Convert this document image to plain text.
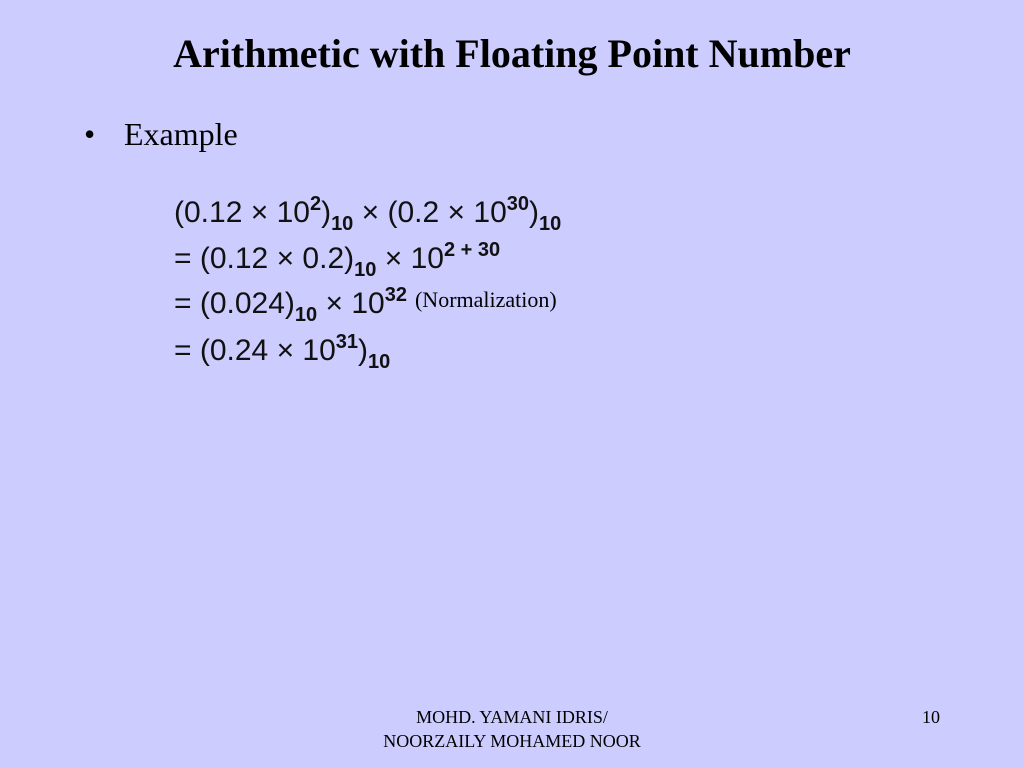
Arithmetic with Floating Point Number
• Example
$(0.12 \times 10^2)_{10} \times (0.2 \times 10^{30})_{10}$
= $(0.12 \times 0.2)_{10} \times 10^{2 + 30}$
= $(0.024)_{10} \times 10^{32}$ $^{(Normalization)}$
= $(0.24 \times 10^{31})_{10}$
MOHD. YAMANI IDRIS/
NOORZAILY MOHAMED NOOR
10
